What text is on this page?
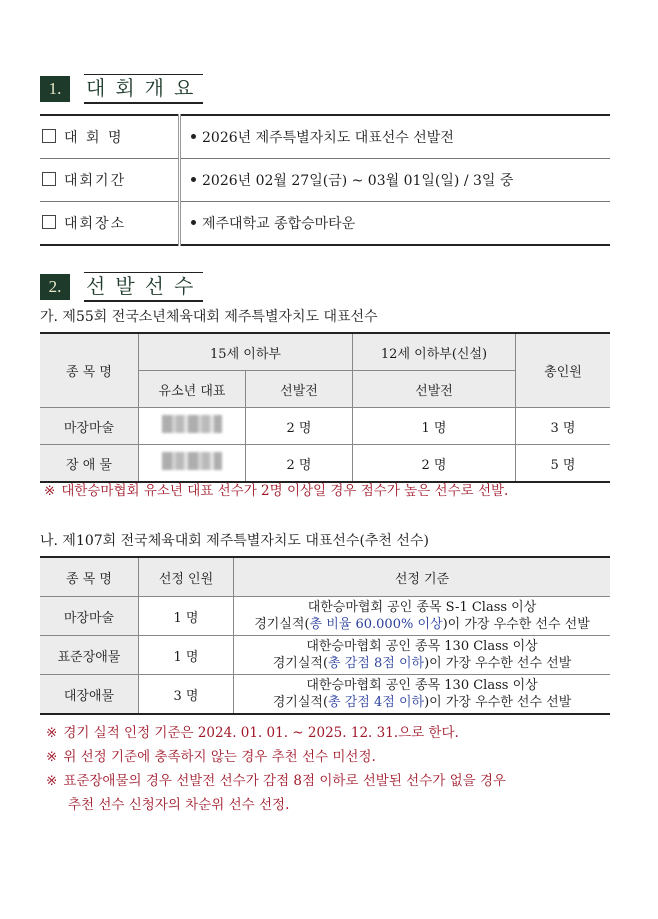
1.	대회개요
대 회 명	2026년 제주특별자치도 대표선수 선발전
대회기간	2026년 02월 27일(금) ~ 03월 01일(일) / 3일 중
대회장소	제주대학교 종합승마타운
2.	선발선수
가. 제55회 전국소년체육대회 제주특별자치도 대표선수
종 목 명	15세 이하부		12세 이하부(신설)	총인원
	유소년 대표	선발전	선발전	
마장마술		2 명	1 명	3 명
장 애 물		2 명	2 명	5 명
※ 대한승마협회 유소년 대표 선수가 2명 이상일 경우 점수가 높은 선수로 선발.
나. 제107회 전국체육대회 제주특별자치도 대표선수(추천 선수)
종 목 명	선정 인원	선정 기준
마장마술	1 명	대한승마협회 공인 종목 S-1 Class 이상
경기실적(총 비율 60.000% 이상)이 가장 우수한 선수 선발

표준장애물	1 명	대한승마협회 공인 종목 130 Class 이상
경기실적(총 감점 8점 이하)이 가장 우수한 선수 선발

대장애물	3 명	대한승마협회 공인 종목 130 Class 이상
경기실적(총 감점 4점 이하)이 가장 우수한 선수 선발
※ 경기 실적 인정 기준은 2024. 01. 01. ~ 2025. 12. 31.으로 한다.
※ 위 선정 기준에 충족하지 않는 경우 추천 선수 미선정.
※ 표준장애물의 경우 선발전 선수가 감점 8점 이하로 선발된 선수가 없을 경우
추천 선수 신청자의 차순위 선수 선정.
